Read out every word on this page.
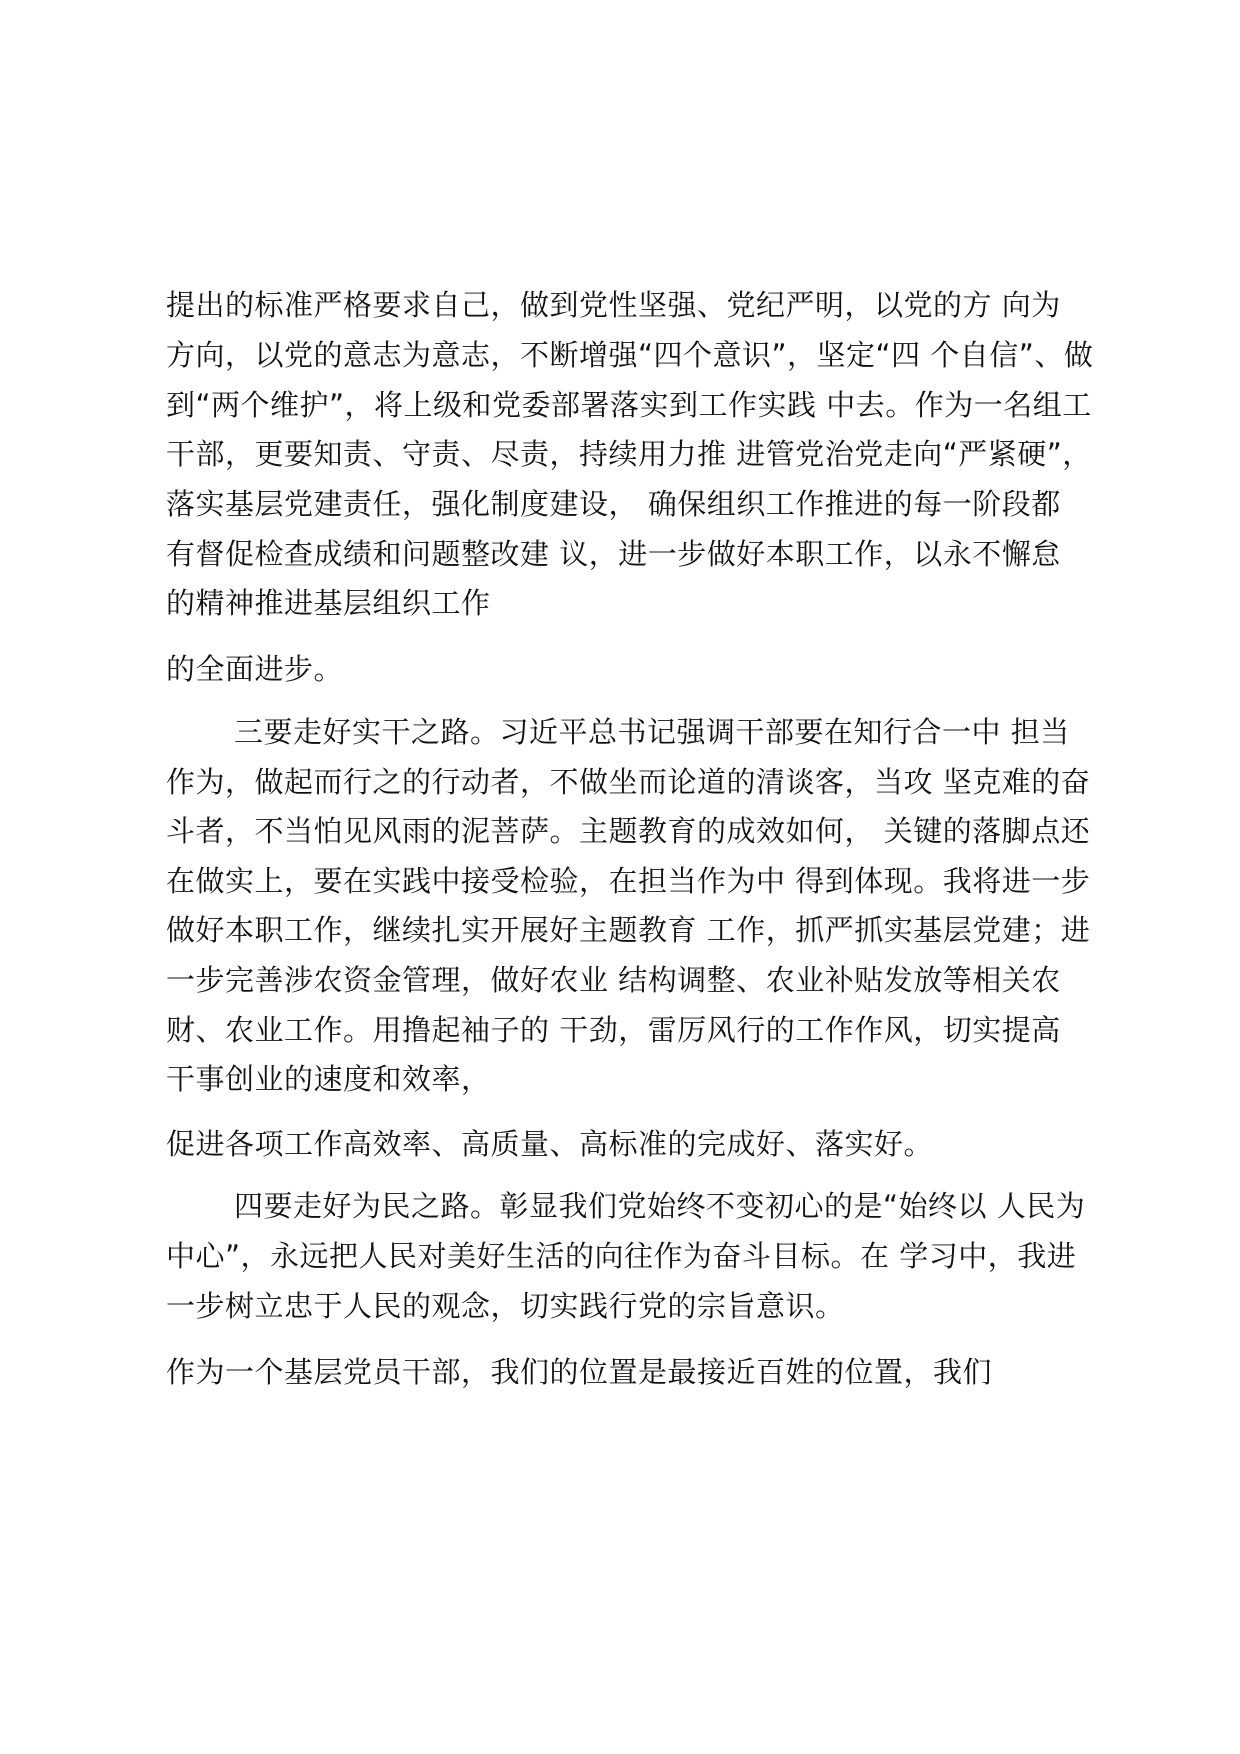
提出的标准严格要求自己，做到党性坚强、党纪严明，以党的方 向为
方向，以党的意志为意志，不断增强“四个意识”，坚定“四 个自信”、做
到“两个维护”，将上级和党委部署落实到工作实践 中去。作为一名组工
干部，更要知责、守责、尽责，持续用力推 进管党治党走向“严紧硬”，
落实基层党建责任，强化制度建设， 确保组织工作推进的每一阶段都
有督促检查成绩和问题整改建 议，进一步做好本职工作，以永不懈怠
的精神推进基层组织工作
的全面进步。
三要走好实干之路。习近平总书记强调干部要在知行合一中 担当
作为，做起而行之的行动者，不做坐而论道的清谈客，当攻 坚克难的奋
斗者，不当怕见风雨的泥菩萨。主题教育的成效如何， 关键的落脚点还
在做实上，要在实践中接受检验，在担当作为中 得到体现。我将进一步
做好本职工作，继续扎实开展好主题教育 工作，抓严抓实基层党建；进
一步完善涉农资金管理，做好农业 结构调整、农业补贴发放等相关农
财、农业工作。用撸起袖子的 干劲，雷厉风行的工作作风，切实提高
干事创业的速度和效率，
促进各项工作高效率、高质量、高标准的完成好、落实好。
四要走好为民之路。彰显我们党始终不变初心的是“始终以 人民为
中心”，永远把人民对美好生活的向往作为奋斗目标。在 学习中，我进
一步树立忠于人民的观念，切实践行党的宗旨意识。
作为一个基层党员干部，我们的位置是最接近百姓的位置，我们
